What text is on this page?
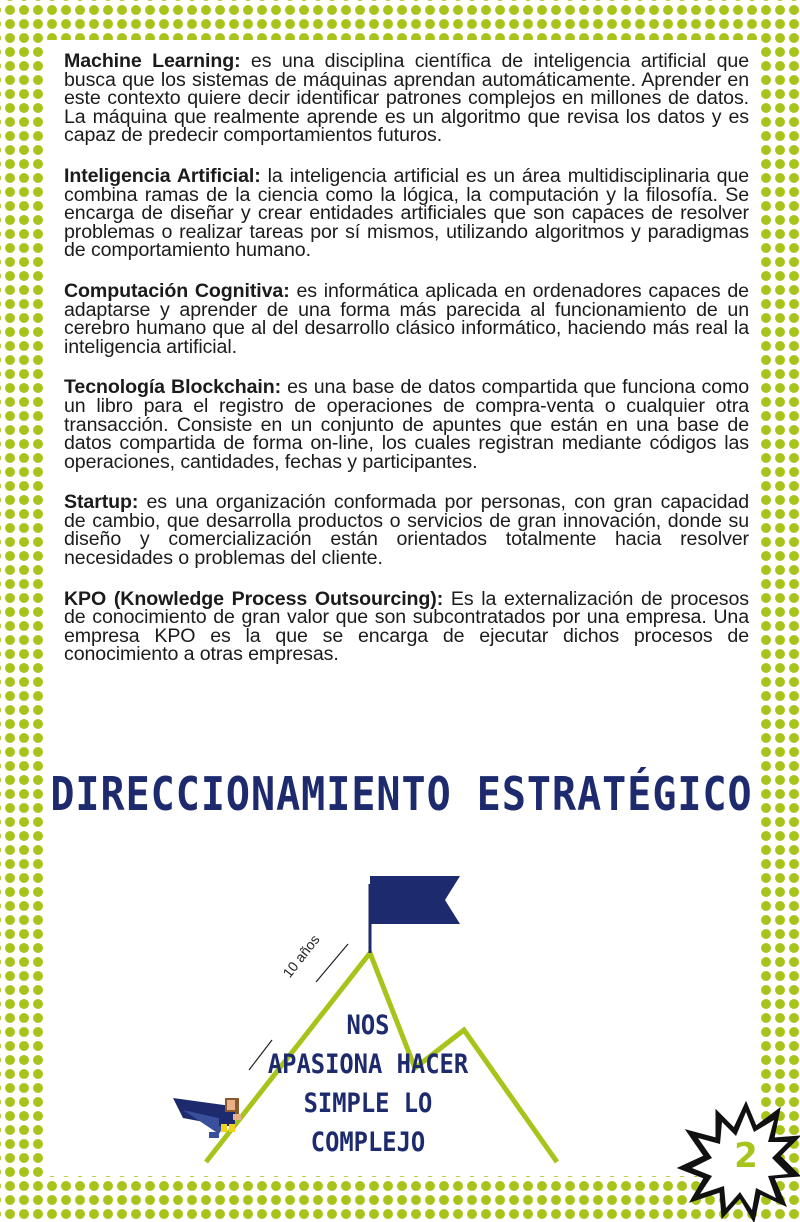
Machine Learning: es una disciplina científica de inteligencia artificial que busca que los sistemas de máquinas aprendan automáticamente. Aprender en este contexto quiere decir identificar patrones complejos en millones de datos. La máquina que realmente aprende es un algoritmo que revisa los datos y es capaz de predecir comportamientos futuros.

Inteligencia Artificial: la inteligencia artificial es un área multidisciplinaria que combina ramas de la ciencia como la lógica, la computación y la filosofía. Se encarga de diseñar y crear entidades artificiales que son capaces de resolver problemas o realizar tareas por sí mismos, utilizando algoritmos y paradigmas de comportamiento humano.

Computación Cognitiva: es informática aplicada en ordenadores capaces de adaptarse y aprender de una forma más parecida al funcionamiento de un cerebro humano que al del desarrollo clásico informático, haciendo más real la inteligencia artificial.

Tecnología Blockchain: es una base de datos compartida que funciona como un libro para el registro de operaciones de compra-venta o cualquier otra transacción. Consiste en un conjunto de apuntes que están en una base de datos compartida de forma on-line, los cuales registran mediante códigos las operaciones, cantidades, fechas y participantes.

Startup: es una organización conformada por personas, con gran capacidad de cambio, que desarrolla productos o servicios de gran innovación, donde su diseño y comercialización están orientados totalmente hacia resolver necesidades o problemas del cliente.

KPO (Knowledge Process Outsourcing): Es la externalización de procesos de conocimiento de gran valor que son subcontratados por una empresa. Una empresa KPO es la que se encarga de ejecutar dichos procesos de conocimiento a otras empresas.

DIRECCIONAMIENTO ESTRATÉGICO
META IQ:
10K
10 años
NOS
APASIONA HACER
SIMPLE LO COMPLEJO	2
